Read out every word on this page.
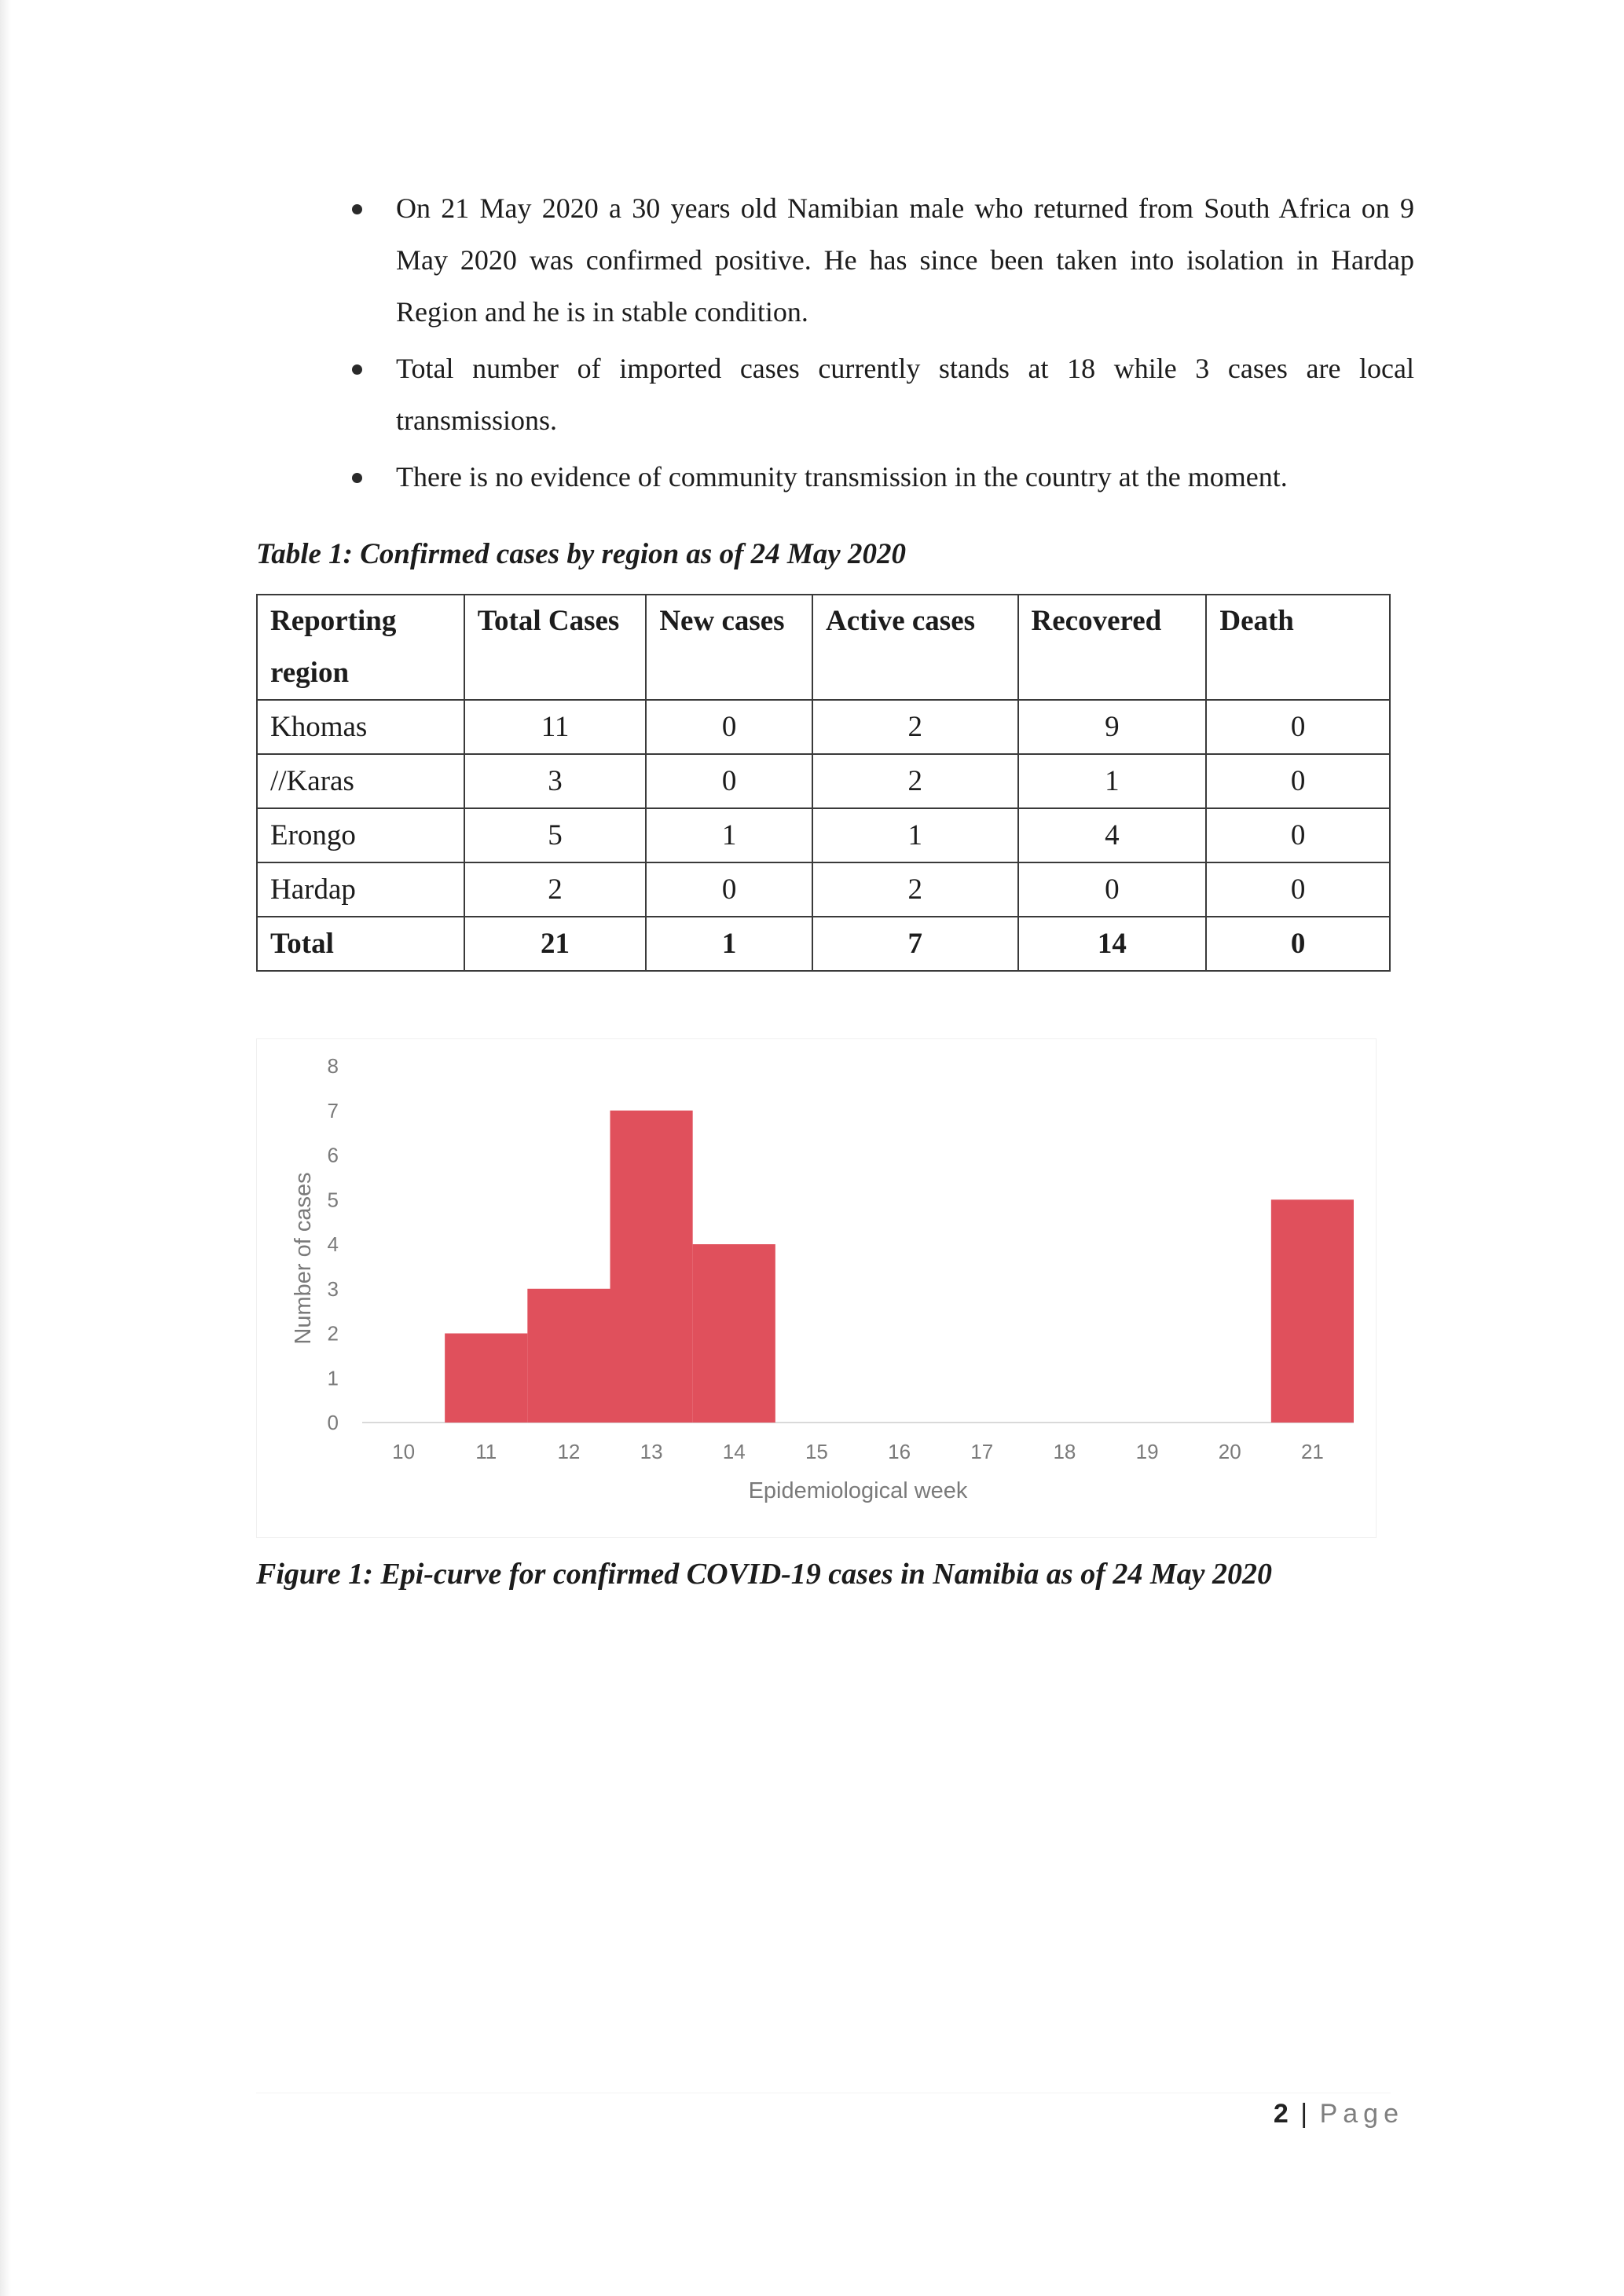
On 21 May 2020 a 30 years old Namibian male who returned from South Africa on 9 May 2020 was confirmed positive. He has since been taken into isolation in Hardap Region and he is in stable condition.
Total number of imported cases currently stands at 18 while 3 cases are local transmissions.
There is no evidence of community transmission in the country at the moment.
Table 1: Confirmed cases by region as of 24 May 2020
Reporting region	Total Cases	New cases	Active cases	Recovered	Death
Khomas	11	0	2	9	0
//Karas	3	0	2	1	0
Erongo	5	1	1	4	0
Hardap	2	0	2	0	0
Total	21	1	7	14	0
0
1
2
3
4
5
6
7
8
10	11	12	13	14	15	16	17	18	19	20	21
Epidemiological week
Number of cases
Figure 1: Epi-curve for confirmed COVID-19 cases in Namibia as of 24 May 2020
2 | Page
